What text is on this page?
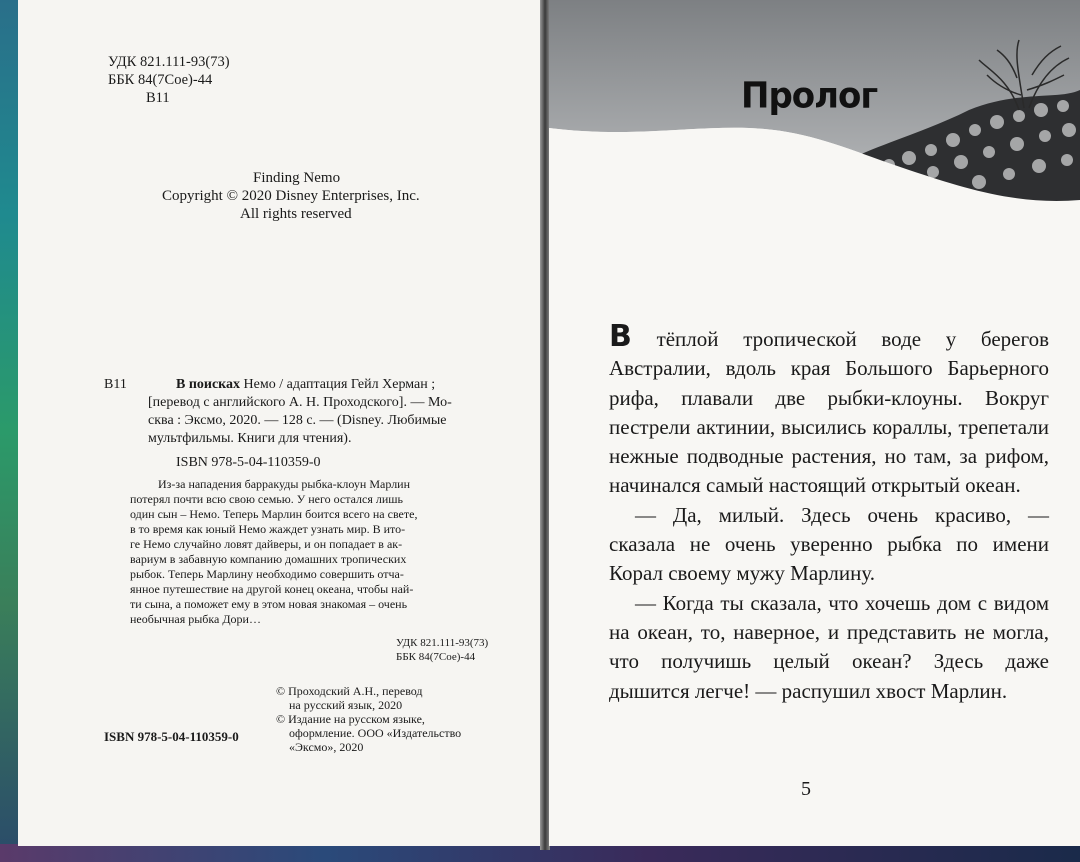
УДК 821.111-93(73)
ББК 84(7Сое)-44
В11
Finding Nemo
Copyright © 2020 Disney Enterprises, Inc.
All rights reserved
В11	В поисках Немо / адаптация Гейл Херман ;
[перевод с английского А. Н. Проходского]. — Мо-
сква : Эксмо, 2020. — 128 с. — (Disney. Любимые
мультфильмы. Книги для чтения).
ISBN 978-5-04-110359-0
Из-за нападения барракуды рыбка-клоун Марлин
потерял почти всю свою семью. У него остался лишь
один сын – Немо. Теперь Марлин боится всего на свете,
в то время как юный Немо жаждет узнать мир. В ито-
ге Немо случайно ловят дайверы, и он попадает в ак-
вариум в забавную компанию домашних тропических
рыбок. Теперь Марлину необходимо совершить отча-
янное путешествие на другой конец океана, чтобы най-
ти сына, а поможет ему в этом новая знакомая – очень
необычная рыбка Дори…
УДК 821.111-93(73)
ББК 84(7Сое)-44
© Проходский А.Н., перевод
на русский язык, 2020
© Издание на русском языке,
оформление. ООО «Издательство
«Эксмо», 2020
ISBN 978-5-04-110359-0
Пролог

В тёплой тропической воде у берегов Австралии, вдоль края Большого Барьерного рифа, плавали две рыбки-клоуны. Вокруг пестрели актинии, высились кораллы, трепетали нежные подводные растения, но там, за рифом, начинался самый настоящий открытый океан.

— Да, милый. Здесь очень красиво, — сказала не очень уверенно рыбка по имени Корал своему мужу Марлину.

— Когда ты сказала, что хочешь дом с видом на океан, то, наверное, и представить не могла, что получишь целый океан? Здесь даже дышится легче! — распушил хвост Марлин.

5
